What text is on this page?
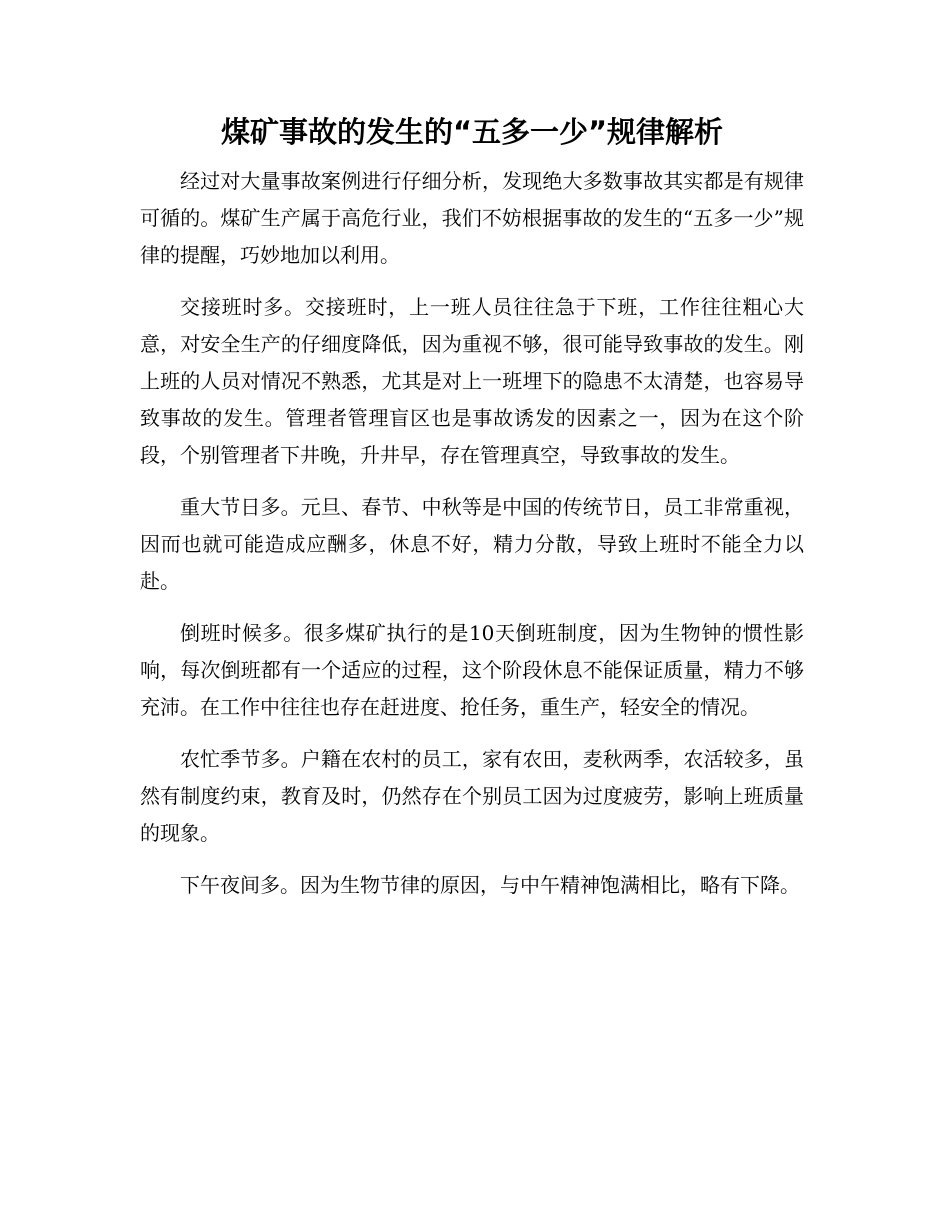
煤矿事故的发生的“五多一少”规律解析

经过对大量事故案例进行仔细分析，发现绝大多数事故其实都是有规律可循的。煤矿生产属于高危行业，我们不妨根据事故的发生的“五多一少”规律的提醒，巧妙地加以利用。

交接班时多。交接班时，上一班人员往往急于下班，工作往往粗心大意，对安全生产的仔细度降低，因为重视不够，很可能导致事故的发生。刚上班的人员对情况不熟悉，尤其是对上一班埋下的隐患不太清楚，也容易导致事故的发生。管理者管理盲区也是事故诱发的因素之一，因为在这个阶段，个别管理者下井晚，升井早，存在管理真空，导致事故的发生。

重大节日多。元旦、春节、中秋等是中国的传统节日，员工非常重视，因而也就可能造成应酬多，休息不好，精力分散，导致上班时不能全力以赴。

倒班时候多。很多煤矿执行的是10天倒班制度，因为生物钟的惯性影响，每次倒班都有一个适应的过程，这个阶段休息不能保证质量，精力不够充沛。在工作中往往也存在赶进度、抢任务，重生产，轻安全的情况。

农忙季节多。户籍在农村的员工，家有农田，麦秋两季，农活较多，虽然有制度约束，教育及时，仍然存在个别员工因为过度疲劳，影响上班质量的现象。

下午夜间多。因为生物节律的原因，与中午精神饱满相比，略有下降。
